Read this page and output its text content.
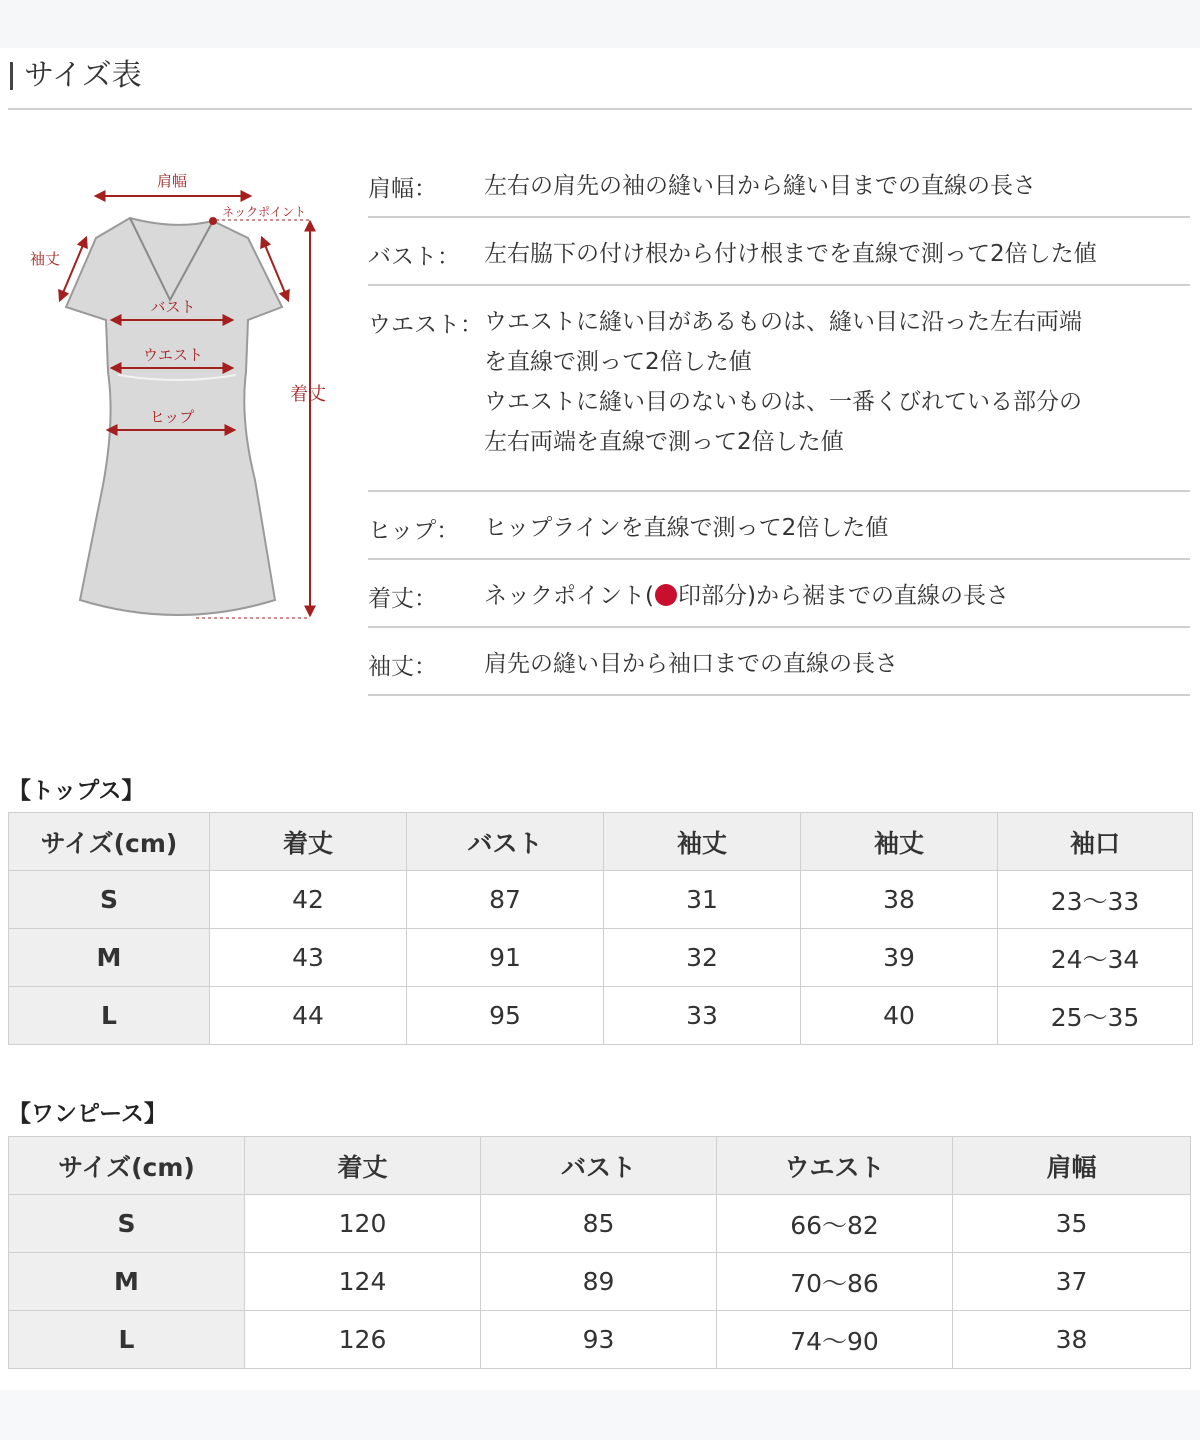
サイズ表
肩幅
ネックポイント
袖丈
バスト
ウエスト
ヒップ
着丈
肩幅： 左右の肩先の袖の縫い目から縫い目までの直線の長さ
バスト： 左右脇下の付け根から付け根までを直線で測って2倍した値
ウエスト： ウエストに縫い目があるものは、縫い目に沿った左右両端
を直線で測って2倍した値
ウエストに縫い目のないものは、一番くびれている部分の
左右両端を直線で測って2倍した値
ヒップ： ヒップラインを直線で測って2倍した値
着丈： ネックポイント( 印部分)から裾までの直線の長さ
袖丈： 肩先の縫い目から袖口までの直線の長さ
【トップス】
サイズ(cm)	着丈	バスト	袖丈	袖丈	袖口
S	42	87	31	38	23～33
M	43	91	32	39	24～34
L	44	95	33	40	25～35
【ワンピース】
サイズ(cm)	着丈	バスト	ウエスト	肩幅
S	120	85	66～82	35
M	124	89	70～86	37
L	126	93	74～90	38
